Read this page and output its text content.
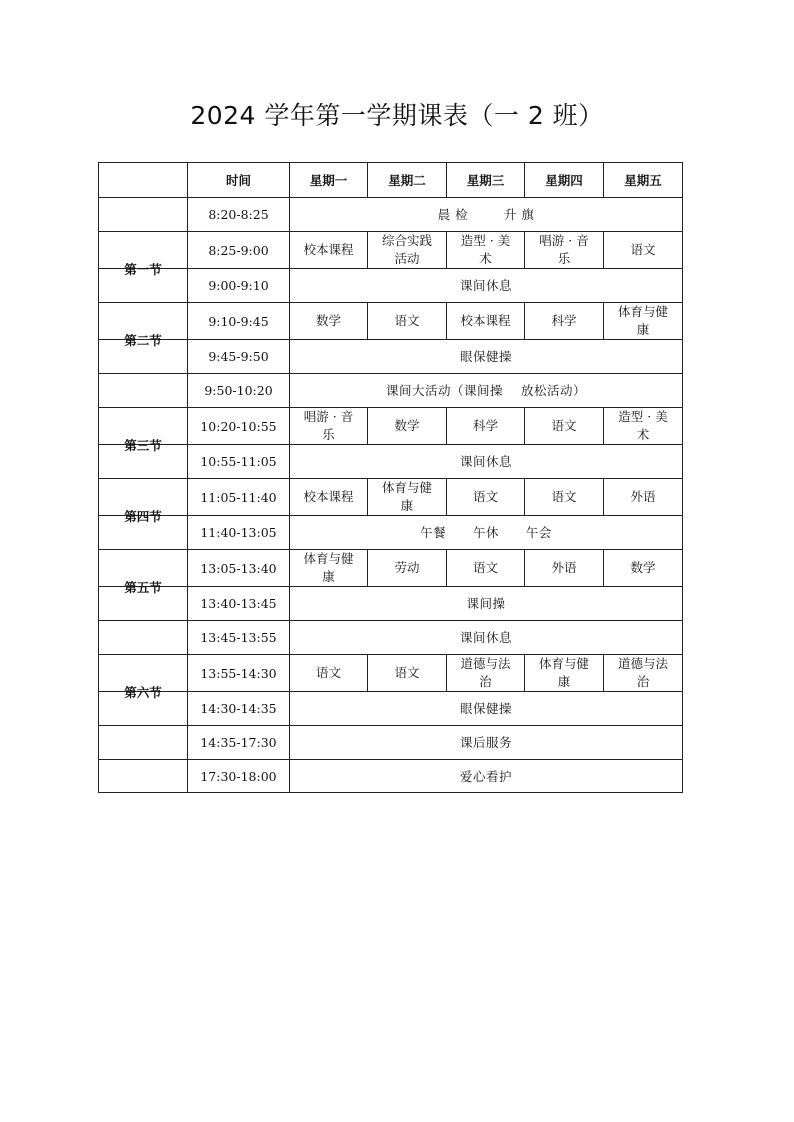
2024 学年第一学期课表（一 2 班）
	时间	星期一	星期二	星期三	星期四	星期五
	8:20-8:25	晨 检        升 旗				
第一节	8:25-9:00	校本课程	综合实践活动	造型 · 美术	唱游 · 音乐	语文
	9:00-9:10	课间休息				
第二节	9:10-9:45	数学	语文	校本课程	科学	体育与健康
	9:45-9:50	眼保健操				
	9:50-10:20	课间大活动（课间操    放松活动）				
第三节	10:20-10:55	唱游 · 音乐	数学	科学	语文	造型 · 美术
	10:55-11:05	课间休息				
第四节	11:05-11:40	校本课程	体育与健康	语文	语文	外语
	11:40-13:05	午餐      午休      午会				
第五节	13:05-13:40	体育与健康	劳动	语文	外语	数学
	13:40-13:45	课间操				
	13:45-13:55	课间休息				
第六节	13:55-14:30	语文	语文	道德与法治	体育与健康	道德与法治
	14:30-14:35	眼保健操				
	14:35-17:30	课后服务				
	17:30-18:00	爱心看护				
